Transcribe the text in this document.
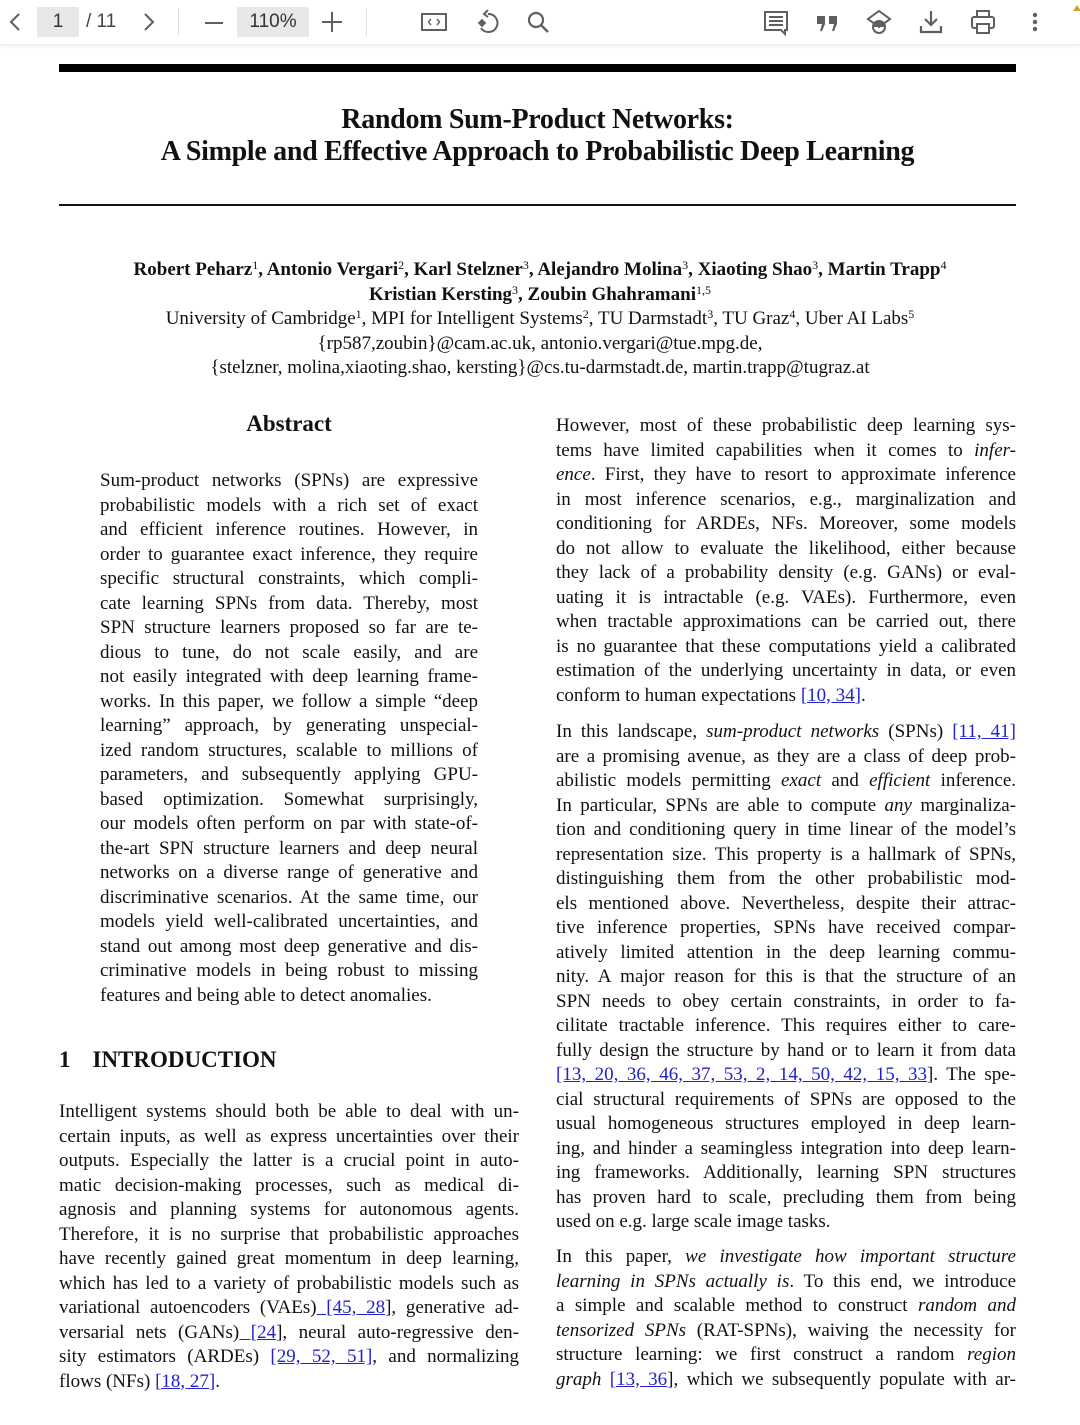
1	/ 11	110%
Random Sum-Product Networks:
A Simple and Effective Approach to Probabilistic Deep Learning
Robert Peharz$^1$, Antonio Vergari$^2$, Karl Stelzner$^3$, Alejandro Molina$^3$, Xiaoting Shao$^3$, Martin Trapp$^4$
Kristian Kersting$^3$, Zoubin Ghahramani$^{1,5}$
University of Cambridge$^1$, MPI for Intelligent Systems$^2$, TU Darmstadt$^3$, TU Graz$^4$, Uber AI Labs$^5$
{rp587,zoubin}@cam.ac.uk, antonio.vergari@tue.mpg.de,
{stelzner, molina,xiaoting.shao, kersting}@cs.tu-darmstadt.de, martin.trapp@tugraz.at
Abstract
Sum-product networks (SPNs) are expressive
probabilistic models with a rich set of exact
and efficient inference routines. However, in
order to guarantee exact inference, they require
specific structural constraints, which compli-
cate learning SPNs from data. Thereby, most
SPN structure learners proposed so far are te-
dious to tune, do not scale easily, and are
not easily integrated with deep learning frame-
works. In this paper, we follow a simple “deep
learning” approach, by generating unspecial-
ized random structures, scalable to millions of
parameters, and subsequently applying GPU-
based optimization. Somewhat surprisingly,
our models often perform on par with state-of-
the-art SPN structure learners and deep neural
networks on a diverse range of generative and
discriminative scenarios. At the same time, our
models yield well-calibrated uncertainties, and
stand out among most deep generative and dis-
criminative models in being robust to missing
features and being able to detect anomalies.
1 INTRODUCTION
Intelligent systems should both be able to deal with un-
certain inputs, as well as express uncertainties over their
outputs. Especially the latter is a crucial point in auto-
matic decision-making processes, such as medical di-
agnosis and planning systems for autonomous agents.
Therefore, it is no surprise that probabilistic approaches
have recently gained great momentum in deep learning,
which has led to a variety of probabilistic models such as
variational autoencoders (VAEs) [45, 28], generative ad-
versarial nets (GANs) [24], neural auto-regressive den-
sity estimators (ARDEs) [29, 52, 51], and normalizing
flows (NFs) [18, 27].
However, most of these probabilistic deep learning sys-
tems have limited capabilities when it comes to infer-
ence. First, they have to resort to approximate inference
in most inference scenarios, e.g., marginalization and
conditioning for ARDEs, NFs. Moreover, some models
do not allow to evaluate the likelihood, either because
they lack of a probability density (e.g. GANs) or eval-
uating it is intractable (e.g. VAEs). Furthermore, even
when tractable approximations can be carried out, there
is no guarantee that these computations yield a calibrated
estimation of the underlying uncertainty in data, or even
conform to human expectations [10, 34].
In this landscape, sum-product networks (SPNs) [11, 41]
are a promising avenue, as they are a class of deep prob-
abilistic models permitting exact and efficient inference.
In particular, SPNs are able to compute any marginaliza-
tion and conditioning query in time linear of the model’s
representation size. This property is a hallmark of SPNs,
distinguishing them from the other probabilistic mod-
els mentioned above. Nevertheless, despite their attrac-
tive inference properties, SPNs have received compar-
atively limited attention in the deep learning commu-
nity. A major reason for this is that the structure of an
SPN needs to obey certain constraints, in order to fa-
cilitate tractable inference. This requires either to care-
fully design the structure by hand or to learn it from data
[13, 20, 36, 46, 37, 53, 2, 14, 50, 42, 15, 33]. The spe-
cial structural requirements of SPNs are opposed to the
usual homogeneous structures employed in deep learn-
ing, and hinder a seamingless integration into deep learn-
ing frameworks. Additionally, learning SPN structures
has proven hard to scale, precluding them from being
used on e.g. large scale image tasks.
In this paper, we investigate how important structure
learning in SPNs actually is. To this end, we introduce
a simple and scalable method to construct random and
tensorized SPNs (RAT-SPNs), waiving the necessity for
structure learning: we first construct a random region
graph [13, 36], which we subsequently populate with ar-
